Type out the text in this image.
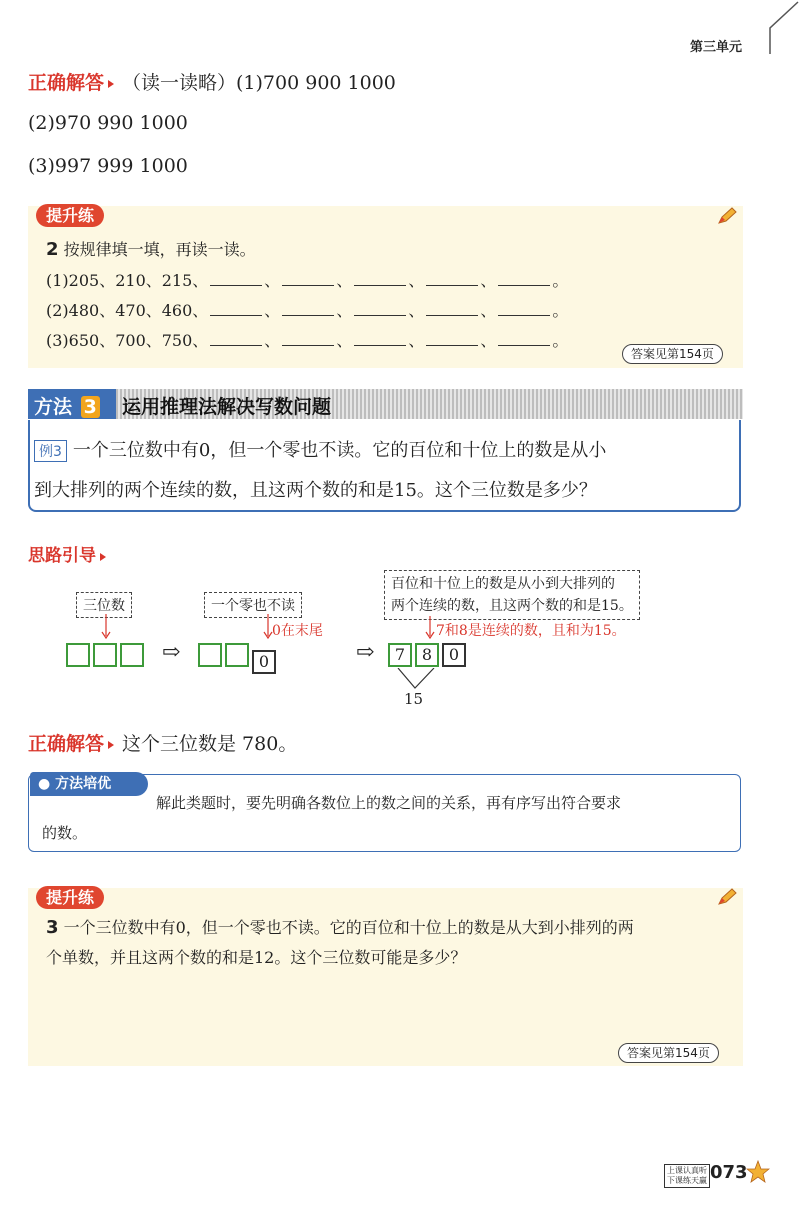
第三单元
正确解答 （读一读略）(1)700 900 1000
(2)970 990 1000
(3)997 999 1000
提升练
2 按规律填一填，再读一读。
(1)205、210、215、	、	、	、	、	。
(2)480、470、460、	、	、	、	、	。
(3)650、700、750、	、	、	、	、	。
答案见第154页
方法 3 运用推理法解决写数问题
例3 一个三位数中有0，但一个零也不读。它的百位和十位上的数是从小
到大排列的两个连续的数，且这两个数的和是15。这个三位数是多少？
思路引导
三位数
⇨
一个零也不读
0在末尾
0	⇨
百位和十位上的数是从小到大排列的
两个连续的数，且这两个数的和是15。
7和8是连续的数，且和为15。
7 8 0
15
正确解答 这个三位数是 780。
● 方法培优
解此类题时，要先明确各数位上的数之间的关系，再有序写出符合要求
的数。
提升练
3 一个三位数中有0，但一个零也不读。它的百位和十位上的数是从大到小排列的两
个单数，并且这两个数的和是12。这个三位数可能是多少？
答案见第154页
上课认真听
下课练天赢 073
